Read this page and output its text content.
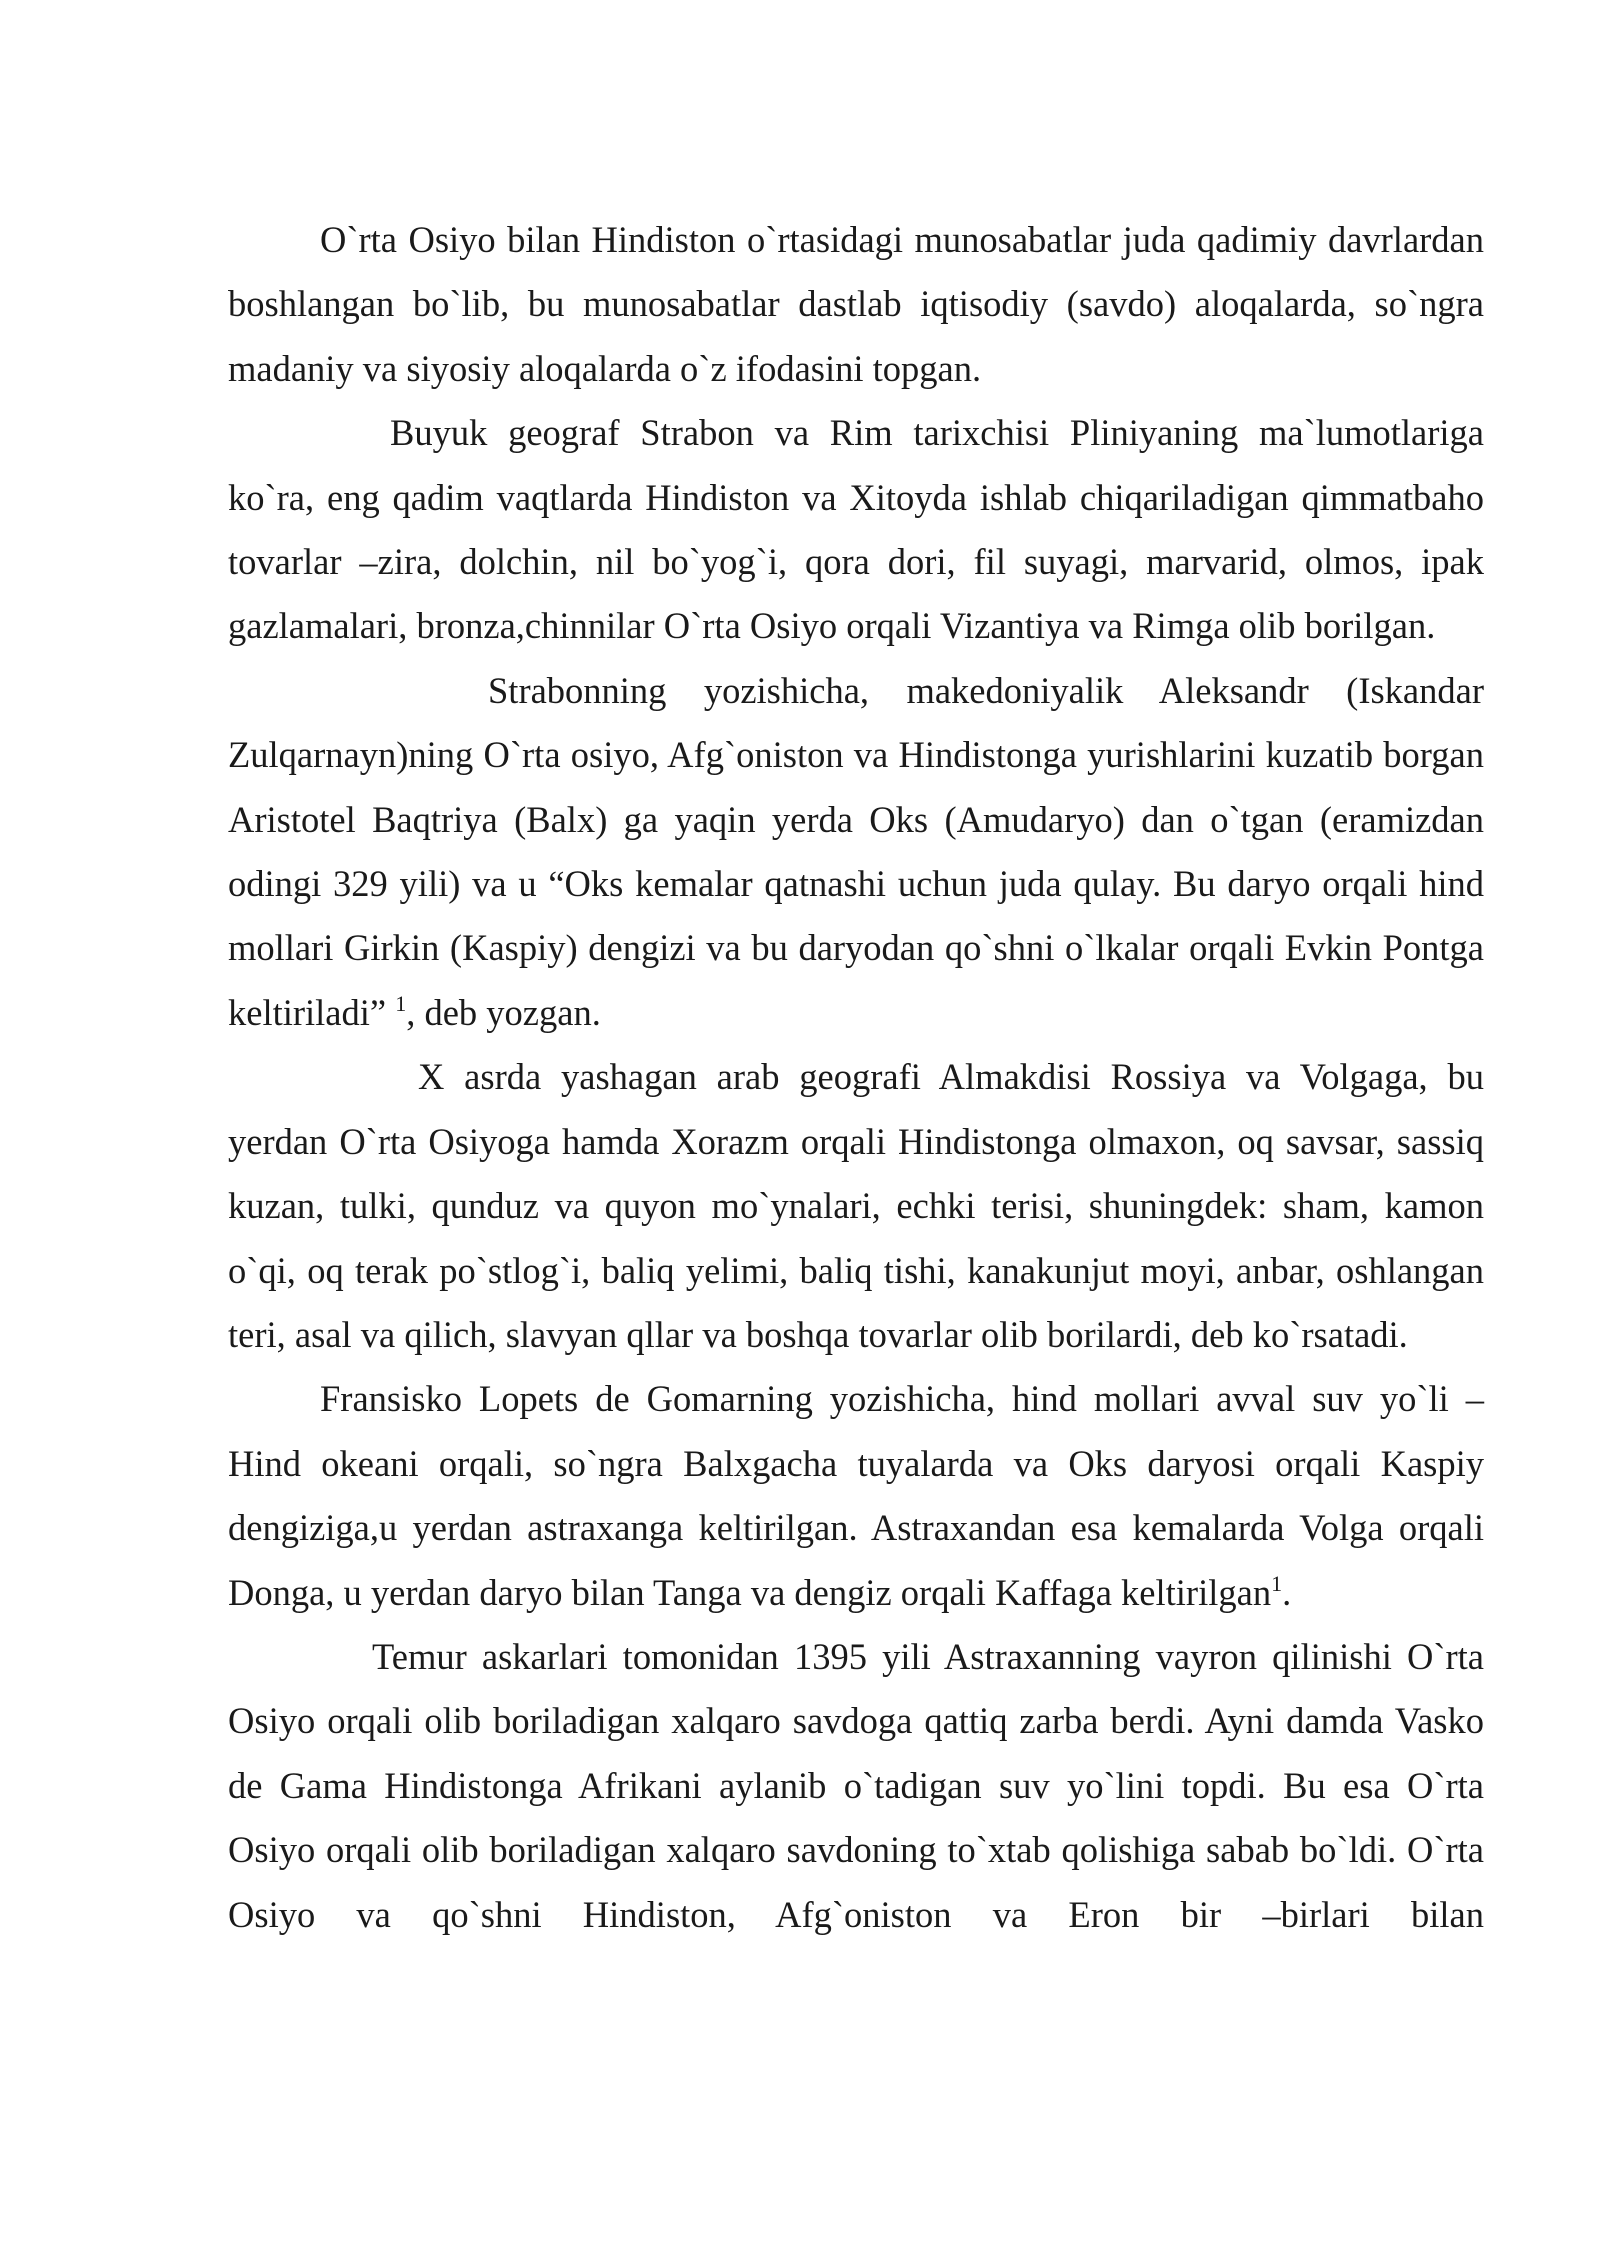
O`rta Osiyo bilan Hindiston o`rtasidagi munosabatlar juda qadimiy davrlardan boshlangan bo`lib, bu munosabatlar dastlab iqtisodiy (savdo) aloqalarda, so`ngra madaniy va siyosiy aloqalarda o`z ifodasini topgan.

Buyuk geograf Strabon va Rim tarixchisi Pliniyaning ma`lumotlariga ko`ra, eng qadim vaqtlarda Hindiston va Xitoyda ishlab chiqariladigan qimmatbaho tovarlar –zira, dolchin, nil bo`yog`i, qora dori, fil suyagi, marvarid, olmos, ipak gazlamalari, bronza,chinnilar O`rta Osiyo orqali Vizantiya va Rimga olib borilgan.

Strabonning yozishicha, makedoniyalik Aleksandr (Iskandar Zulqarnayn)ning O`rta osiyo, Afg`oniston va Hindistonga yurishlarini kuzatib borgan Aristotel Baqtriya (Balx) ga yaqin yerda Oks (Amudaryo) dan o`tgan (eramizdan odingi 329 yili) va u “Oks kemalar qatnashi uchun juda qulay. Bu daryo orqali hind mollari Girkin (Kaspiy) dengizi va bu daryodan qo`shni o`lkalar orqali Evkin Pontga keltiriladi” $^1$, deb yozgan.

X asrda yashagan arab geografi Almakdisi Rossiya va Volgaga, bu yerdan O`rta Osiyoga hamda Xorazm orqali Hindistonga olmaxon, oq savsar, sassiq kuzan, tulki, qunduz va quyon mo`ynalari, echki terisi, shuningdek: sham, kamon o`qi, oq terak po`stlog`i, baliq yelimi, baliq tishi, kanakunjut moyi, anbar, oshlangan teri, asal va qilich, slavyan qllar va boshqa tovarlar olib borilardi, deb ko`rsatadi.

Fransisko Lopets de Gomarning yozishicha, hind mollari avval suv yo`li – Hind okeani orqali, so`ngra Balxgacha tuyalarda va Oks daryosi orqali Kaspiy dengiziga,u yerdan astraxanga keltirilgan. Astraxandan esa kemalarda Volga orqali Donga, u yerdan daryo bilan Tanga va dengiz orqali Kaffaga keltirilgan$^1$.

Temur askarlari tomonidan 1395 yili Astraxanning vayron qilinishi O`rta Osiyo orqali olib boriladigan xalqaro savdoga qattiq zarba berdi. Ayni damda Vasko de Gama Hindistonga Afrikani aylanib o`tadigan suv yo`lini topdi. Bu esa O`rta Osiyo orqali olib boriladigan xalqaro savdoning to`xtab qolishiga sabab bo`ldi. O`rta Osiyo va qo`shni Hindiston, Afg`oniston va Eron bir –birlari bilan
